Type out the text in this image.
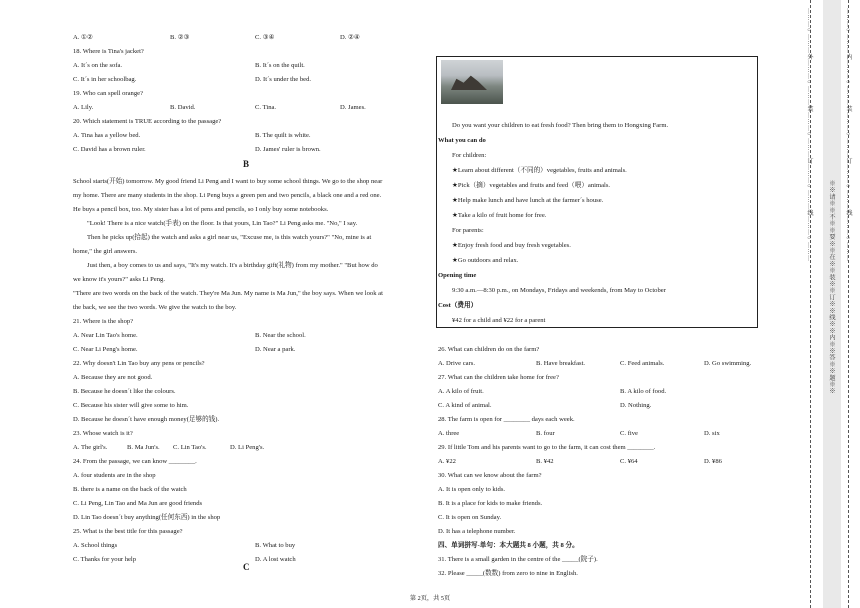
A. ①②	B. ②③	C. ③④	D. ②④
18. Where is Tina's jacket?
A. It´s on the sofa.	B. It´s on the quilt.
C. It´s in her schoolbag.	D. It´s under the bed.
19. Who can spell orange?
A. Lily.	B. David.	C. Tina.	D. James.
20. Which statement is TRUE according to the passage?
A. Tina has a yellow bed.	B. The quilt is white.
C. David has a brown ruler.	D. James' ruler is brown.
B
School starts(开始) tomorrow. My good friend Li Peng and I want to buy some school things. We go to the shop near
my home. There are many students in the shop. Li Peng buys a green pen and two pencils, a black one and a red one.
He buys a pencil box, too. My sister has a lot of pens and pencils, so I only buy some notebooks.
"Look! There is a nice watch(手表) on the floor. Is that yours, Lin Tao?" Li Peng asks me. "No," I say.
Then he picks up(拾起) the watch and asks a girl near us, "Excuse me, is this watch yours?" "No, mine is at
home," the girl answers.
Just then, a boy comes to us and says, "It's my watch. It's a birthday gift(礼物) from my mother." "But how do
we know it's yours?" asks Li Peng.
"There are two words on the back of the watch. They're Ma Jun. My name is Ma Jun," the boy says. When we look at
the back, we see the two words. We give the watch to the boy.
21. Where is the shop?
A. Near Lin Tao's home.	B. Near the school.
C. Near Li Peng's home.	D. Near a park.
22. Why doesn't Lin Tao buy any pens or pencils?
A. Because they are not good.
B. Because he doesn´t like the colours.
C. Because his sister will give some to him.
D. Because he doesn´t have enough money(足够的钱).
23. Whose watch is it?
A. The girl's.	B. Ma Jun's. C. Lin Tao's.	D. Li Peng's.
24. From the passage, we can know ________.
A. four students are in the shop
B. there is a name on the back of the watch
C. Li Peng, Lin Tao and Ma Jun are good friends
D. Lin Tao doesn´t buy anything(任何东西) in the shop
25. What is the best title for this passage?
A. School things	B. What to buy
C. Thanks for your help	D. A lost watch
C
Do you want your children to eat fresh food? Then bring them to Hongxing Farm.
What you can do
For children:
★Learn about different（不同的）vegetables, fruits and animals.
★Pick（摘）vegetables and fruits and feed（喂）animals.
★Help make lunch and have lunch at the farmer´s house.
★Take a kilo of fruit home for free.
For parents:
★Enjoy fresh food and buy fresh vegetables.
★Go outdoors and relax.
Opening time
9:30 a.m.—8:30 p.m., on Mondays, Fridays and weekends, from May to October
Cost（费用）
¥42 for a child and ¥22 for a parent
26. What can children do on the farm?
A. Drive cars.	B. Have breakfast.	C. Feed animals.	D. Go swimming.
27. What can the children take home for free?
A. A kilo of fruit.	B. A kilo of food.
C. A kind of animal.	D. Nothing.
28. The farm is open for ________ days each week.
A. three	B. four	C. five	D. six
29. If little Tom and his parents want to go to the farm, it can cost them ________.
A. ¥22	B. ¥42	C. ¥64	D. ¥86
30. What can we know about the farm?
A. It is open only to kids.
B. It is a place for kids to make friends.
C. It is open on Sunday.
D. It has a telephone number.
四、单词拼写-单句：本大题共 8 小题，共 8 分。
31. There is a small garden in the centre of the _____(院子).
32. Please _____(数数) from zero to nine in English.
第 2页，共 5页
………○………外………○………装………○………订………○………线………○………
※※请※※不※※要※※在※※装※※订※※线※※内※※答※※题※※
………○………内………○………装………○………订………○………线………○………
